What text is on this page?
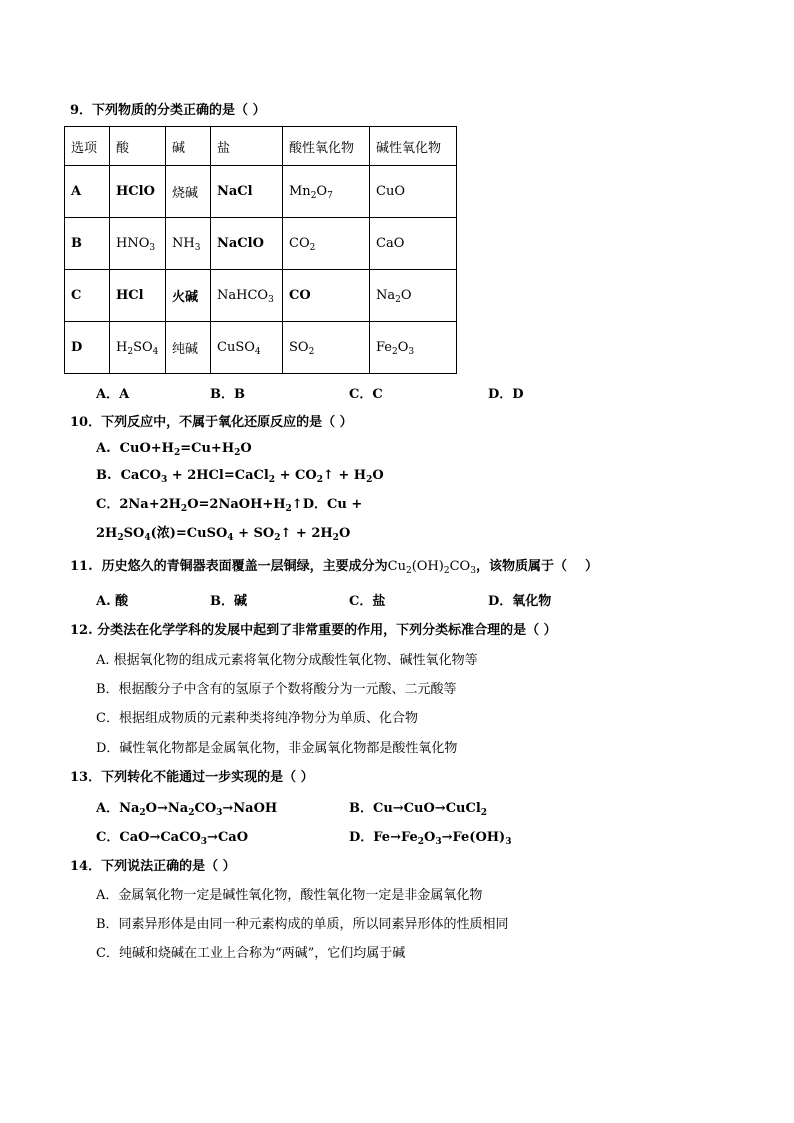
9．下列物质的分类正确的是（ ）
选项	酸	碱	盐	酸性氧化物	碱性氧化物
A	HClO	烧碱	NaCl	$Mn_2O_7$	CuO
B	$HNO_3$	$NH_3$	NaClO	$CO_2$	CaO
C	HCl	火碱	NaHCO$_3$	CO	$Na_2O$
D	$H_2SO_4$	纯碱	CuSO$_4$	$SO_2$	$Fe_2O_3$
A．A	B．B	C．C	D．D
10．下列反应中，不属于氧化还原反应的是（ ）
A.  $CuO+H_2=Cu+H_2O$
B.  CaCO$_3$ + 2HCl=CaCl$_2$ + $CO_2↑ + H_2O$
C．$2Na+2H_2O=2NaOH+H_2↑D$．Cu +
$2H_2SO_4$(浓)=CuSO$_4$ + $SO_2↑ + 2H_2O$
11.  历史悠久的青铜器表面覆盖一层铜绿，主要成分为$Cu_2(OH)_2CO_3$，该物质属于（    ）
A. 酸	B．碱	C．盐	D．氧化物
12. 分类法在化学学科的发展中起到了非常重要的作用，下列分类标准合理的是（ ）
A. 根据氧化物的组成元素将氧化物分成酸性氧化物、碱性氧化物等
B．根据酸分子中含有的氢原子个数将酸分为一元酸、二元酸等
C．根据组成物质的元素种类将纯净物分为单质、化合物
D．碱性氧化物都是金属氧化物，非金属氧化物都是酸性氧化物
13．下列转化不能通过一步实现的是（ ）
A．$Na_2O\to Na_2CO_3\to NaOH$	B．Cu→CuO→CuCl$_2$
C．CaO→CaCO$_3$→CaO	D．$Fe\to Fe_2O_3\to Fe(OH)_3$
14．下列说法正确的是（ ）
A．金属氧化物一定是碱性氧化物，酸性氧化物一定是非金属氧化物
B．同素异形体是由同一种元素构成的单质，所以同素异形体的性质相同
C．纯碱和烧碱在工业上合称为“两碱”，它们均属于碱
